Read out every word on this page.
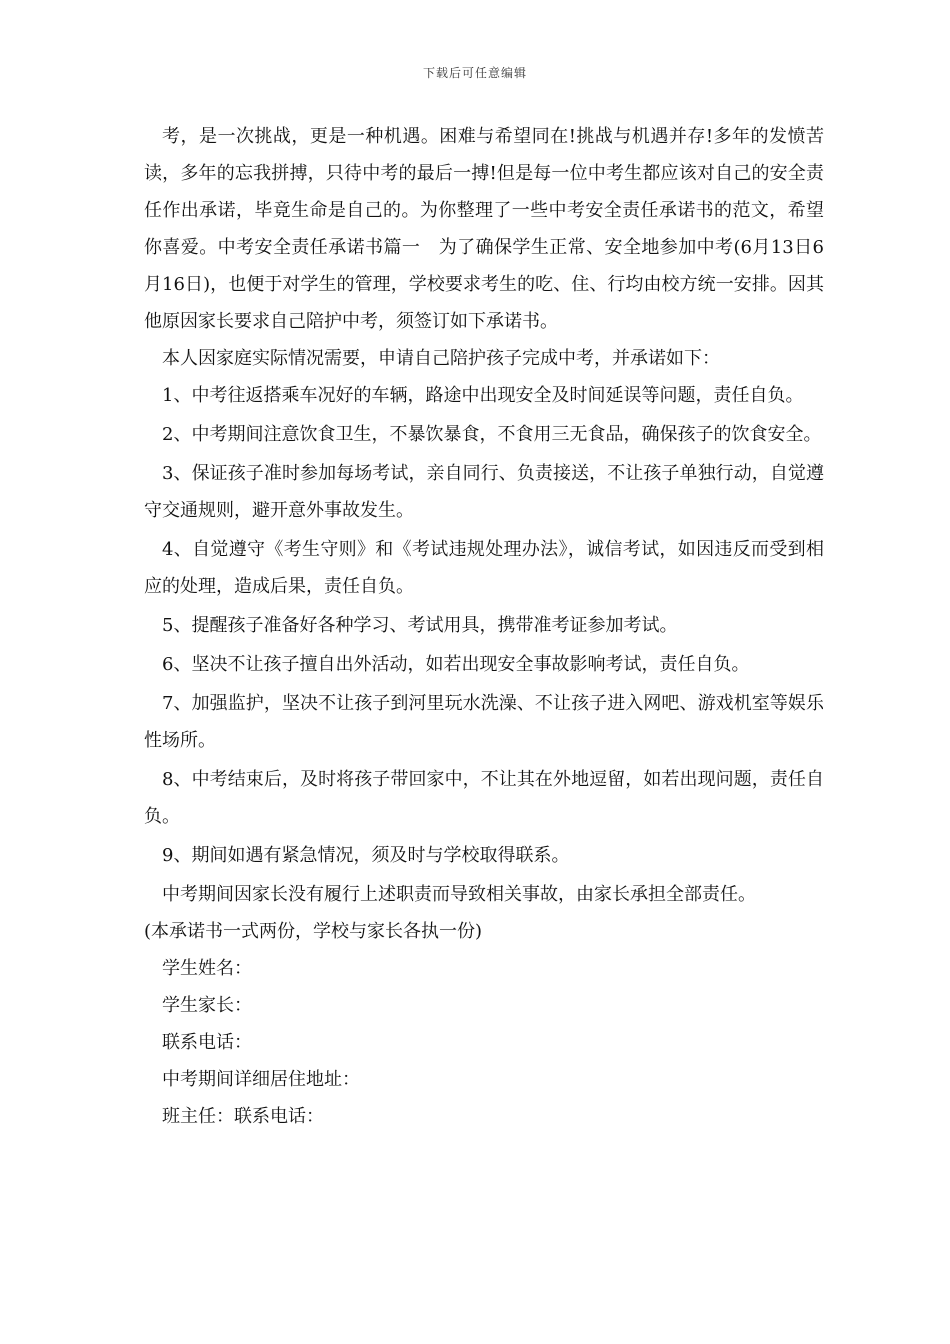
下载后可任意编辑

考，是一次挑战，更是一种机遇。困难与希望同在!挑战与机遇并存!多年的发愤苦读，多年的忘我拼搏，只待中考的最后一搏!但是每一位中考生都应该对自己的安全责任作出承诺，毕竟生命是自己的。为你整理了一些中考安全责任承诺书的范文，希望你喜爱。中考安全责任承诺书篇一　为了确保学生正常、安全地参加中考(6月13日6月16日)，也便于对学生的管理，学校要求考生的吃、住、行均由校方统一安排。因其他原因家长要求自己陪护中考，须签订如下承诺书。

本人因家庭实际情况需要，申请自己陪护孩子完成中考，并承诺如下：

1、中考往返搭乘车况好的车辆，路途中出现安全及时间延误等问题，责任自负。

2、中考期间注意饮食卫生，不暴饮暴食，不食用三无食品，确保孩子的饮食安全。

3、保证孩子准时参加每场考试，亲自同行、负责接送，不让孩子单独行动，自觉遵守交通规则，避开意外事故发生。

4、自觉遵守《考生守则》和《考试违规处理办法》，诚信考试，如因违反而受到相应的处理，造成后果，责任自负。

5、提醒孩子准备好各种学习、考试用具，携带准考证参加考试。

6、坚决不让孩子擅自出外活动，如若出现安全事故影响考试，责任自负。

7、加强监护，坚决不让孩子到河里玩水洗澡、不让孩子进入网吧、游戏机室等娱乐性场所。

8、中考结束后，及时将孩子带回家中，不让其在外地逗留，如若出现问题，责任自负。

9、期间如遇有紧急情况，须及时与学校取得联系。

中考期间因家长没有履行上述职责而导致相关事故，由家长承担全部责任。

(本承诺书一式两份，学校与家长各执一份)

学生姓名：

学生家长：

联系电话：

中考期间详细居住地址：

班主任：联系电话：
